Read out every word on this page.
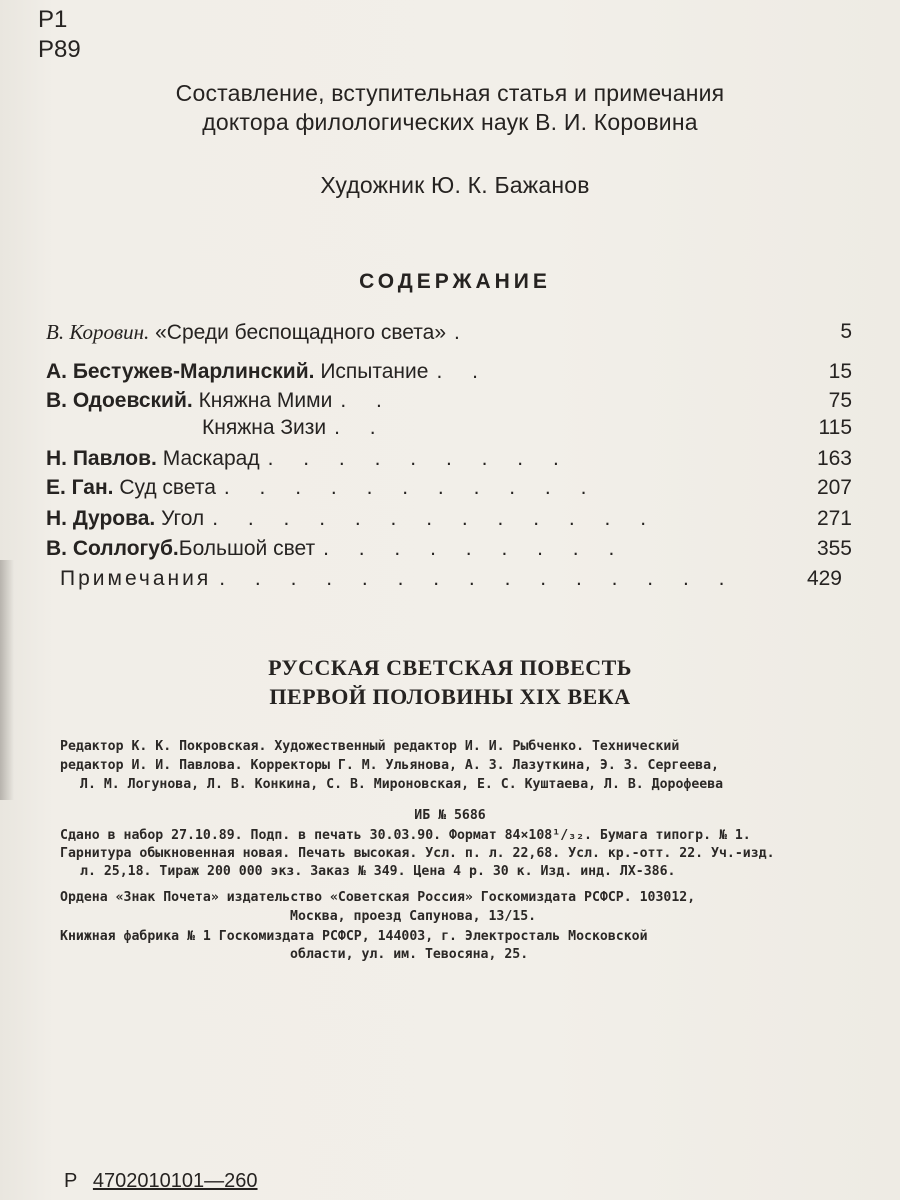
Р1
Р89
Составление, вступительная статья и примечания
доктора филологических наук В. И. Коровина
Художник Ю. К. Бажанов
СОДЕРЖАНИЕ
В. Коровин. «Среди беспощадного света» .	5
А. Бестужев-Марлинский. Испытание . .	15
В. Одоевский. Княжна Мими . .	75
Княжна Зизи . .	115
Н. Павлов. Маскарад . . . . . . . . .	163
Е. Ган. Суд света . . . . . . . . . . .	207
Н. Дурова. Угол . . . . . . . . . . . . .	271
В. Соллогуб.Большой свет . . . . . . . . .	355
Примечания . . . . . . . . . . . . . . .	429
РУССКАЯ СВЕТСКАЯ ПОВЕСТЬ
ПЕРВОЙ ПОЛОВИНЫ XIX ВЕКА
Редактор К. К. Покровская. Художественный редактор И. И. Рыбченко. Технический
редактор И. И. Павлова. Корректоры Г. М. Ульянова, А. З. Лазуткина, Э. З. Сергеева,
Л. М. Логунова, Л. В. Конкина, С. В. Мироновская, Е. С. Куштаева, Л. В. Дорофеева
ИБ № 5686
Сдано в набор 27.10.89. Подп. в печать 30.03.90. Формат 84×108¹/₃₂. Бумага типогр. № 1.
Гарнитура обыкновенная новая. Печать высокая. Усл. п. л. 22,68. Усл. кр.-отт. 22. Уч.-изд.
л. 25,18. Тираж 200 000 экз. Заказ № 349. Цена 4 р. 30 к. Изд. инд. ЛХ-386.
Ордена «Знак Почета» издательство «Советская Россия» Госкомиздата РСФСР. 103012,
Москва, проезд Сапунова, 13/15.
Книжная фабрика № 1 Госкомиздата РСФСР, 144003, г. Электросталь Московской
области, ул. им. Тевосяна, 25.
Р 4702010101—260
